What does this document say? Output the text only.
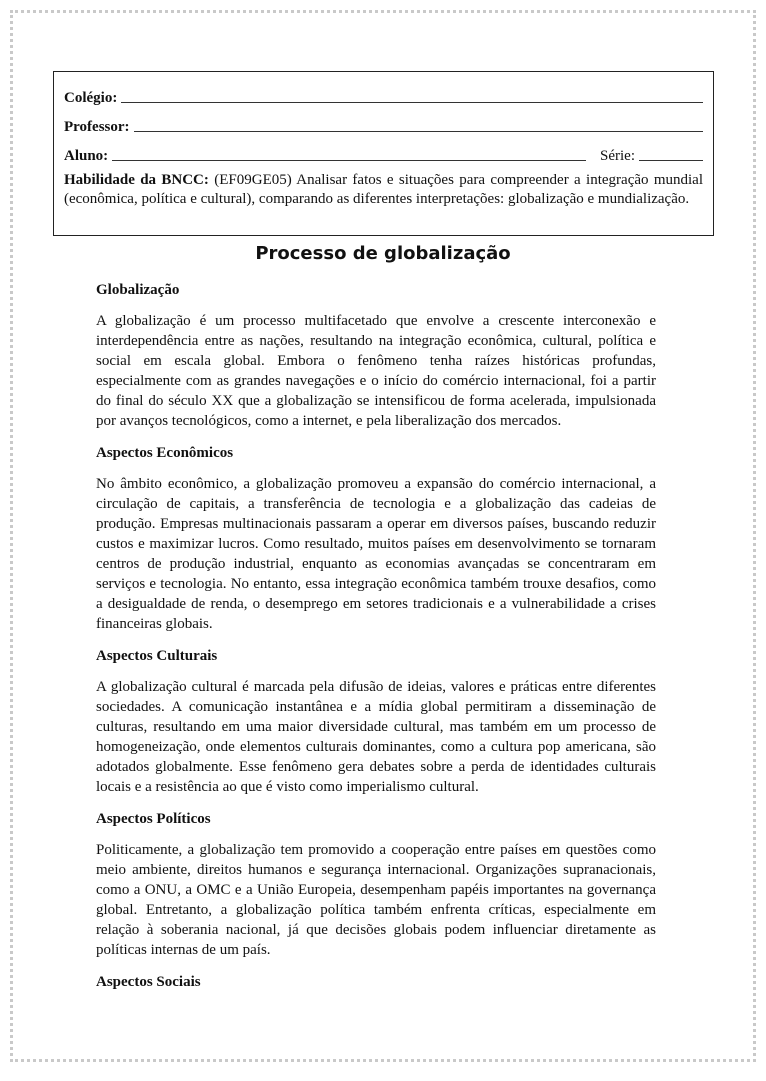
Colégio:
Professor:
Aluno:	Série:
Habilidade da BNCC: (EF09GE05) Analisar fatos e situações para compreender a integração mundial (econômica, política e cultural), comparando as diferentes interpretações: globalização e mundialização.
Processo de globalização

Globalização

A globalização é um processo multifacetado que envolve a crescente interconexão e interdependência entre as nações, resultando na integração econômica, cultural, política e social em escala global. Embora o fenômeno tenha raízes históricas profundas, especialmente com as grandes navegações e o início do comércio internacional, foi a partir do final do século XX que a globalização se intensificou de forma acelerada, impulsionada por avanços tecnológicos, como a internet, e pela liberalização dos mercados.

Aspectos Econômicos

No âmbito econômico, a globalização promoveu a expansão do comércio internacional, a circulação de capitais, a transferência de tecnologia e a globalização das cadeias de produção. Empresas multinacionais passaram a operar em diversos países, buscando reduzir custos e maximizar lucros. Como resultado, muitos países em desenvolvimento se tornaram centros de produção industrial, enquanto as economias avançadas se concentraram em serviços e tecnologia. No entanto, essa integração econômica também trouxe desafios, como a desigualdade de renda, o desemprego em setores tradicionais e a vulnerabilidade a crises financeiras globais.

Aspectos Culturais

A globalização cultural é marcada pela difusão de ideias, valores e práticas entre diferentes sociedades. A comunicação instantânea e a mídia global permitiram a disseminação de culturas, resultando em uma maior diversidade cultural, mas também em um processo de homogeneização, onde elementos culturais dominantes, como a cultura pop americana, são adotados globalmente. Esse fenômeno gera debates sobre a perda de identidades culturais locais e a resistência ao que é visto como imperialismo cultural.

Aspectos Políticos

Politicamente, a globalização tem promovido a cooperação entre países em questões como meio ambiente, direitos humanos e segurança internacional. Organizações supranacionais, como a ONU, a OMC e a União Europeia, desempenham papéis importantes na governança global. Entretanto, a globalização política também enfrenta críticas, especialmente em relação à soberania nacional, já que decisões globais podem influenciar diretamente as políticas internas de um país.

Aspectos Sociais
